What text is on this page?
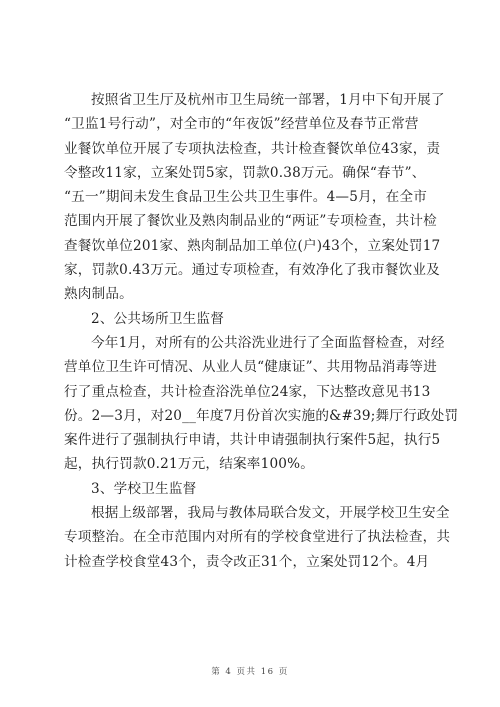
按照省卫生厅及杭州市卫生局统一部署，1月中下旬开展了
“卫监1号行动”，对全市的“年夜饭”经营单位及春节正常营
业餐饮单位开展了专项执法检查，共计检查餐饮单位43家，责
令整改11家，立案处罚5家，罚款0.38万元。确保“春节”、
“五一”期间未发生食品卫生公共卫生事件。4—5月，在全市
范围内开展了餐饮业及熟肉制品业的“两证”专项检查，共计检
查餐饮单位201家、熟肉制品加工单位(户)43个，立案处罚17
家，罚款0.43万元。通过专项检查，有效净化了我市餐饮业及
熟肉制品。
2、公共场所卫生监督
今年1月，对所有的公共浴洗业进行了全面监督检查，对经
营单位卫生许可情况、从业人员“健康证”、共用物品消毒等进
行了重点检查，共计检查浴洗单位24家，下达整改意见书13
份。2—3月，对20__年度7月份首次实施的&#39;舞厅行政处罚
案件进行了强制执行申请，共计申请强制执行案件5起，执行5
起，执行罚款0.21万元，结案率100%。
3、学校卫生监督
根据上级部署，我局与教体局联合发文，开展学校卫生安全
专项整治。在全市范围内对所有的学校食堂进行了执法检查，共
计检查学校食堂43个，责令改正31个，立案处罚12个。4月
第 4 页共 16 页
